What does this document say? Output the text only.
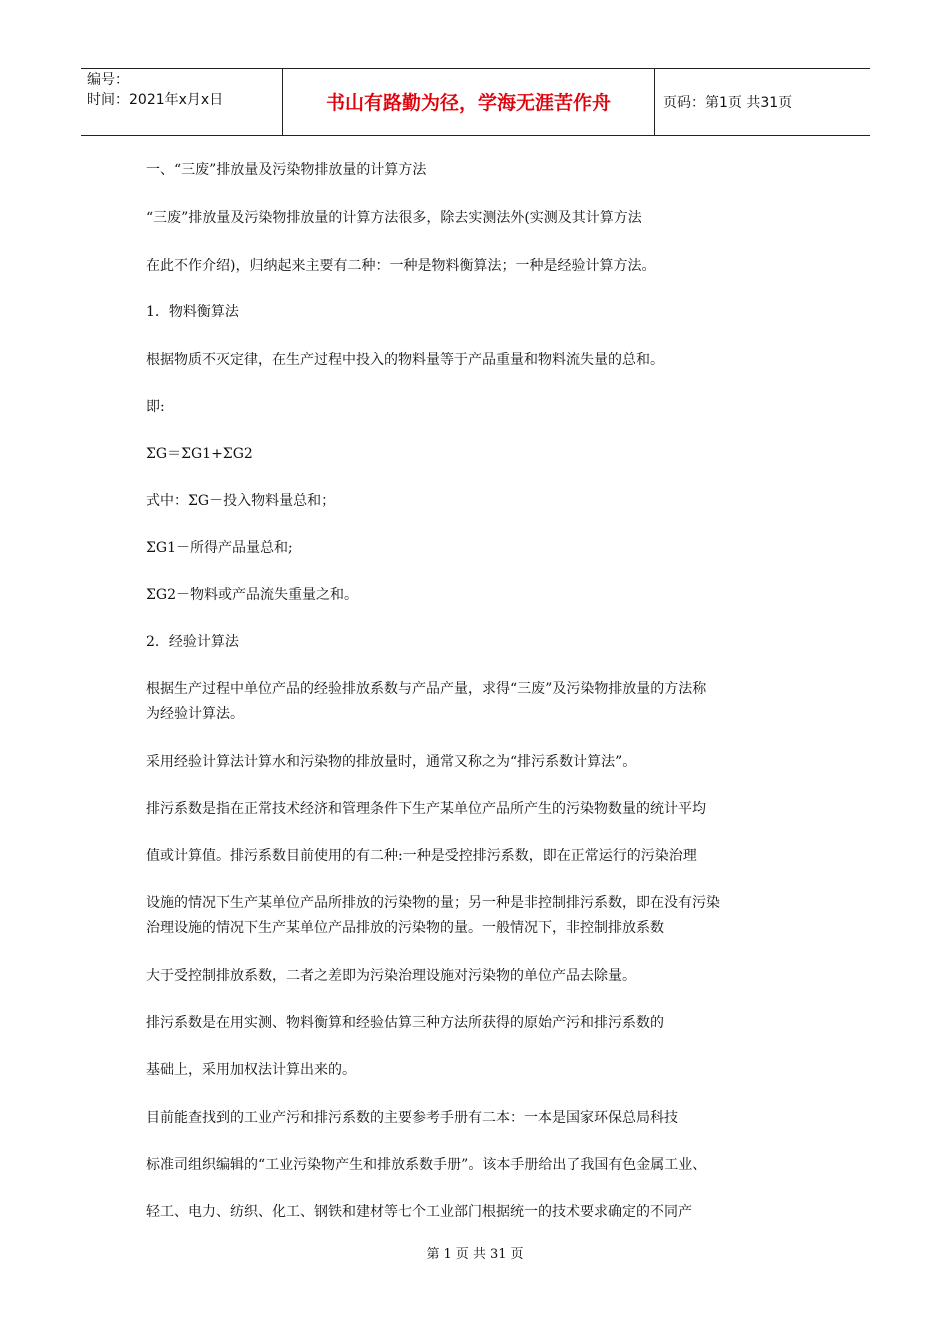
编号：
时间：2021年x月x日	书山有路勤为径，学海无涯苦作舟	页码：第1页 共31页
一、“三废”排放量及污染物排放量的计算方法
“三废”排放量及污染物排放量的计算方法很多，除去实测法外(实测及其计算方法
在此不作介绍)，归纳起来主要有二种：一种是物料衡算法；一种是经验计算方法。
1．物料衡算法
根据物质不灭定律，在生产过程中投入的物料量等于产品重量和物料流失量的总和。
即:
ΣG＝ΣG1+ΣG2
式中：ΣG－投入物料量总和；
ΣG1－所得产品量总和;
ΣG2－物料或产品流失重量之和。
2．经验计算法
根据生产过程中单位产品的经验排放系数与产品产量，求得“三废”及污染物排放量的方法称
为经验计算法。
采用经验计算法计算水和污染物的排放量时，通常又称之为“排污系数计算法”。
排污系数是指在正常技术经济和管理条件下生产某单位产品所产生的污染物数量的统计平均
值或计算值。排污系数目前使用的有二种:一种是受控排污系数，即在正常运行的污染治理
设施的情况下生产某单位产品所排放的污染物的量；另一种是非控制排污系数，即在没有污染
治理设施的情况下生产某单位产品排放的污染物的量。一般情况下，非控制排放系数
大于受控制排放系数，二者之差即为污染治理设施对污染物的单位产品去除量。
排污系数是在用实测、物料衡算和经验估算三种方法所获得的原始产污和排污系数的
基础上，采用加权法计算出来的。
目前能查找到的工业产污和排污系数的主要参考手册有二本：一本是国家环保总局科技
标准司组织编辑的“工业污染物产生和排放系数手册”。该本手册给出了我国有色金属工业、
轻工、电力、纺织、化工、钢铁和建材等七个工业部门根据统一的技术要求确定的不同产
第 1 页 共 31 页
